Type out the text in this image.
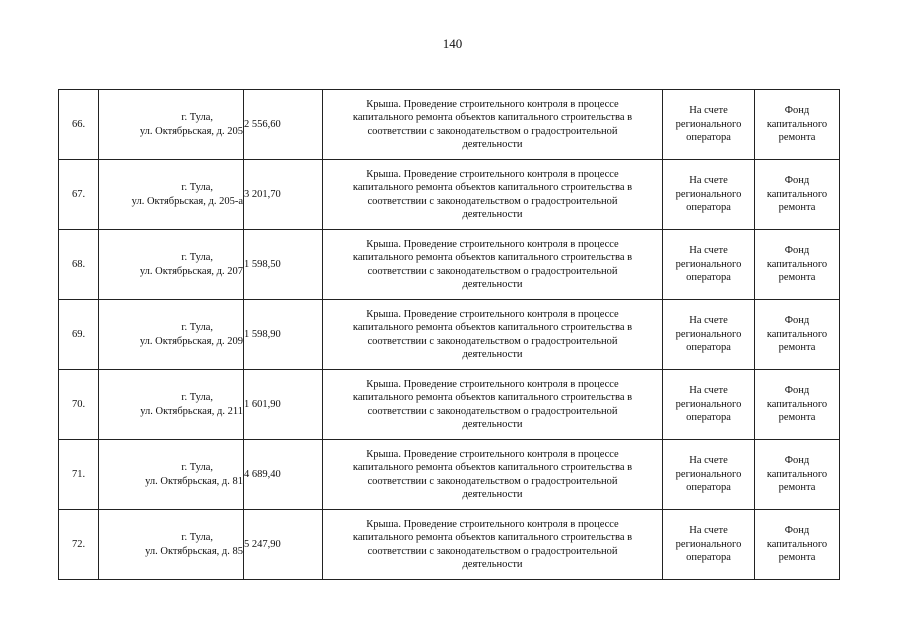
140
66.	г. Тула,
ул. Октябрьская, д. 205	2 556,60	Крыша. Проведение строительного контроля в процессе
капитального ремонта объектов капитального строительства в
соответствии с законодательством о градостроительной
деятельности	На счете
регионального
оператора	Фонд
капитального
ремонта

67.	г. Тула,
ул. Октябрьская, д. 205-а	3 201,70	Крыша. Проведение строительного контроля в процессе
капитального ремонта объектов капитального строительства в
соответствии с законодательством о градостроительной
деятельности	На счете
регионального
оператора	Фонд
капитального
ремонта

68.	г. Тула,
ул. Октябрьская, д. 207	1 598,50	Крыша. Проведение строительного контроля в процессе
капитального ремонта объектов капитального строительства в
соответствии с законодательством о градостроительной
деятельности	На счете
регионального
оператора	Фонд
капитального
ремонта

69.	г. Тула,
ул. Октябрьская, д. 209	1 598,90	Крыша. Проведение строительного контроля в процессе
капитального ремонта объектов капитального строительства в
соответствии с законодательством о градостроительной
деятельности	На счете
регионального
оператора	Фонд
капитального
ремонта

70.	г. Тула,
ул. Октябрьская, д. 211	1 601,90	Крыша. Проведение строительного контроля в процессе
капитального ремонта объектов капитального строительства в
соответствии с законодательством о градостроительной
деятельности	На счете
регионального
оператора	Фонд
капитального
ремонта

71.	г. Тула,
ул. Октябрьская, д. 81	4 689,40	Крыша. Проведение строительного контроля в процессе
капитального ремонта объектов капитального строительства в
соответствии с законодательством о градостроительной
деятельности	На счете
регионального
оператора	Фонд
капитального
ремонта

72.	г. Тула,
ул. Октябрьская, д. 85	5 247,90	Крыша. Проведение строительного контроля в процессе
капитального ремонта объектов капитального строительства в
соответствии с законодательством о градостроительной
деятельности	На счете
регионального
оператора	Фонд
капитального
ремонта
